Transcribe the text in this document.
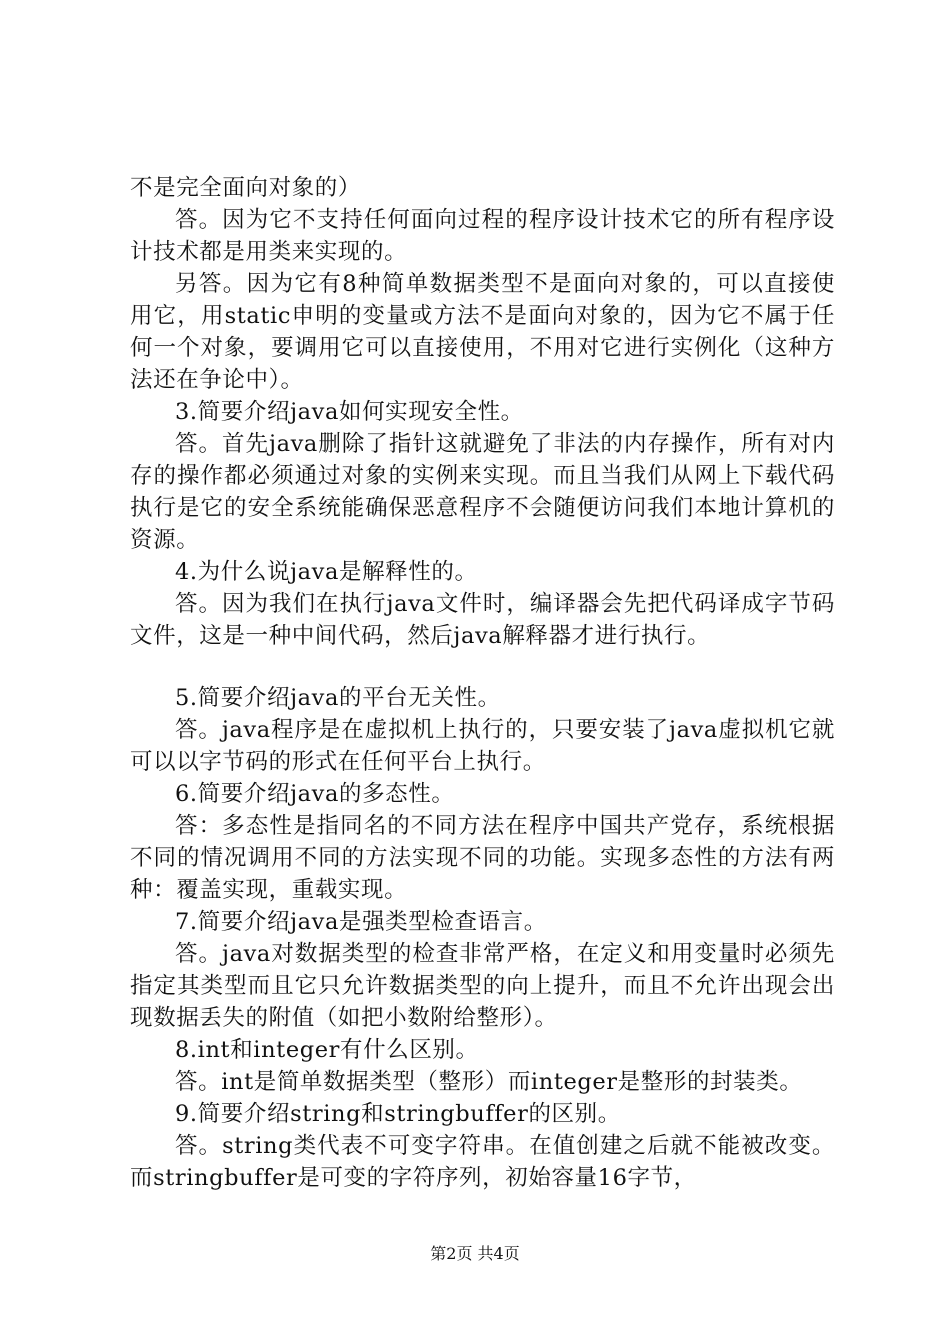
不是完全面向对象的）

答。因为它不支持任何面向过程的程序设计技术它的所有程序设计技术都是用类来实现的。

另答。因为它有8种简单数据类型不是面向对象的，可以直接使用它，用static申明的变量或方法不是面向对象的，因为它不属于任何一个对象，要调用它可以直接使用，不用对它进行实例化（这种方法还在争论中）。

3.简要介绍java如何实现安全性。

答。首先java删除了指针这就避免了非法的内存操作，所有对内存的操作都必须通过对象的实例来实现。而且当我们从网上下载代码执行是它的安全系统能确保恶意程序不会随便访问我们本地计算机的资源。

4.为什么说java是解释性的。

答。因为我们在执行java文件时，编译器会先把代码译成字节码文件，这是一种中间代码，然后java解释器才进行执行。

5.简要介绍java的平台无关性。

答。java程序是在虚拟机上执行的，只要安装了java虚拟机它就可以以字节码的形式在任何平台上执行。

6.简要介绍java的多态性。

答：多态性是指同名的不同方法在程序中国共产党存，系统根据不同的情况调用不同的方法实现不同的功能。实现多态性的方法有两种：覆盖实现，重载实现。

7.简要介绍java是强类型检查语言。

答。java对数据类型的检查非常严格，在定义和用变量时必须先指定其类型而且它只允许数据类型的向上提升，而且不允许出现会出现数据丢失的附值（如把小数附给整形）。

8.int和integer有什么区别。

答。int是简单数据类型（整形）而integer是整形的封装类。

9.简要介绍string和stringbuffer的区别。

答。string类代表不可变字符串。在值创建之后就不能被改变。而stringbuffer是可变的字符序列，初始容量16字节，

第2页 共4页
